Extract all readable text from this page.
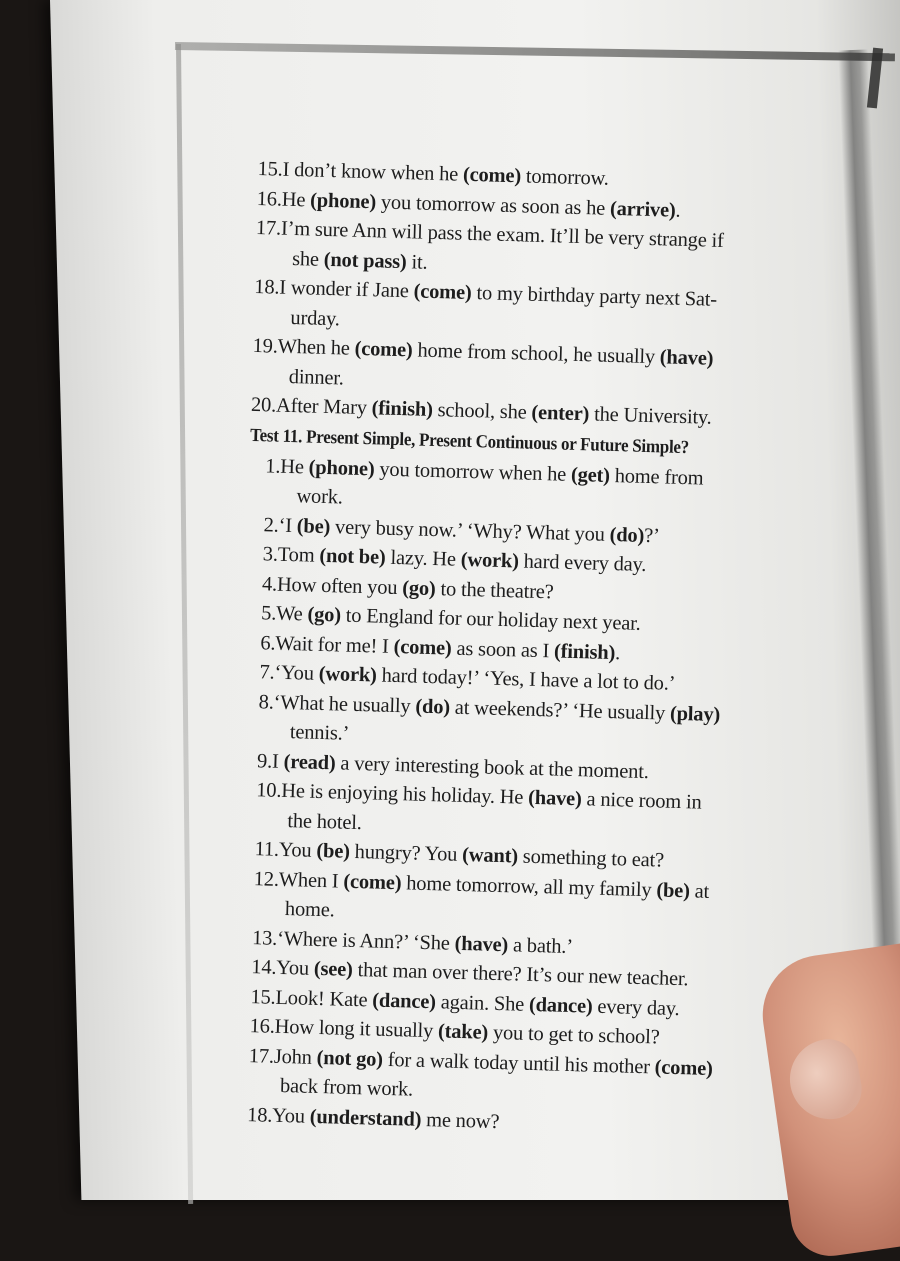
15.I don’t know when he (come) tomorrow.
16.He (phone) you tomorrow as soon as he (arrive).
17.I’m sure Ann will pass the exam. It’ll be very strange if
she (not pass) it.
18.I wonder if Jane (come) to my birthday party next Sat-
urday.
19.When he (come) home from school, he usually (have)
dinner.
20.After Mary (finish) school, she (enter) the University.
Test 11. Present Simple, Present Continuous or Future Simple?
1.He (phone) you tomorrow when he (get) home from
work.
2.‘I (be) very busy now.’ ‘Why? What you (do)?’
3.Tom (not be) lazy. He (work) hard every day.
4.How often you (go) to the theatre?
5.We (go) to England for our holiday next year.
6.Wait for me! I (come) as soon as I (finish).
7.‘You (work) hard today!’ ‘Yes, I have a lot to do.’
8.‘What he usually (do) at weekends?’ ‘He usually (play)
tennis.’
9.I (read) a very interesting book at the moment.
10.He is enjoying his holiday. He (have) a nice room in
the hotel.
11.You (be) hungry? You (want) something to eat?
12.When I (come) home tomorrow, all my family (be) at
home.
13.‘Where is Ann?’ ‘She (have) a bath.’
14.You (see) that man over there? It’s our new teacher.
15.Look! Kate (dance) again. She (dance) every day.
16.How long it usually (take) you to get to school?
17.John (not go) for a walk today until his mother (come)
back from work.
18.You (understand) me now?
